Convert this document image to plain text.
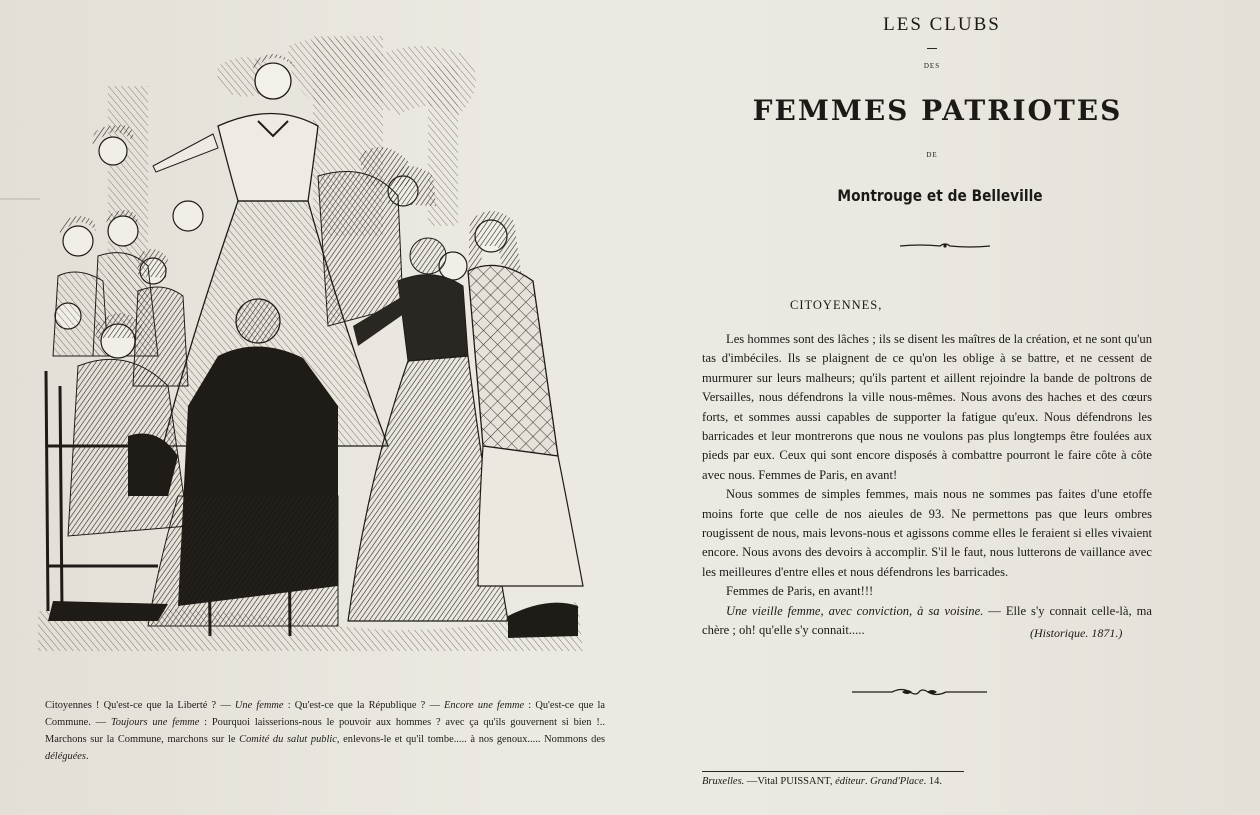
Citoyennes ! Qu'est-ce que la Liberté ? — Une femme : Qu'est-ce que la République ? — Encore une femme : Qu'est-ce que la Commune. — Toujours une femme : Pourquoi laisserions-nous le pouvoir aux hommes ? avec ça qu'ils gouvernent si bien !.. Marchons sur la Commune, marchons sur le Comité du salut public, enlevons-le et qu'il tombe..... à nos genoux..... Nommons des déléguées.
LES CLUBS
DES
FEMMES PATRIOTES
DE
Montrouge et de Belleville
CITOYENNES,

Les hommes sont des lâches ; ils se disent les maîtres de la création, et ne sont qu'un tas d'imbéciles. Ils se plaignent de ce qu'on les oblige à se battre, et ne cessent de murmurer sur leurs malheurs; qu'ils partent et aillent rejoindre la bande de poltrons de Versailles, nous défendrons la ville nous-mêmes. Nous avons des haches et des cœurs forts, et sommes aussi capables de supporter la fatigue qu'eux. Nous défendrons les barricades et leur montrerons que nous ne voulons pas plus longtemps être foulées aux pieds par eux. Ceux qui sont encore disposés à combattre pourront le faire côte à côte avec nous. Femmes de Paris, en avant!

Nous sommes de simples femmes, mais nous ne sommes pas faites d'une etoffe moins forte que celle de nos aieules de 93. Ne permettons pas que leurs ombres rougissent de nous, mais levons-nous et agissons comme elles le feraient si elles vivaient encore. Nous avons des devoirs à accomplir. S'il le faut, nous lutterons de vaillance avec les meilleures d'entre elles et nous défendrons les barricades.

Femmes de Paris, en avant!!!

Une vieille femme, avec conviction, à sa voisine. — Elle s'y connait celle-là, ma chère ; oh! qu'elle s'y connait.....	(Historique. 1871.)
Bruxelles. —Vital PUISSANT, éditeur. Grand'Place. 14.
